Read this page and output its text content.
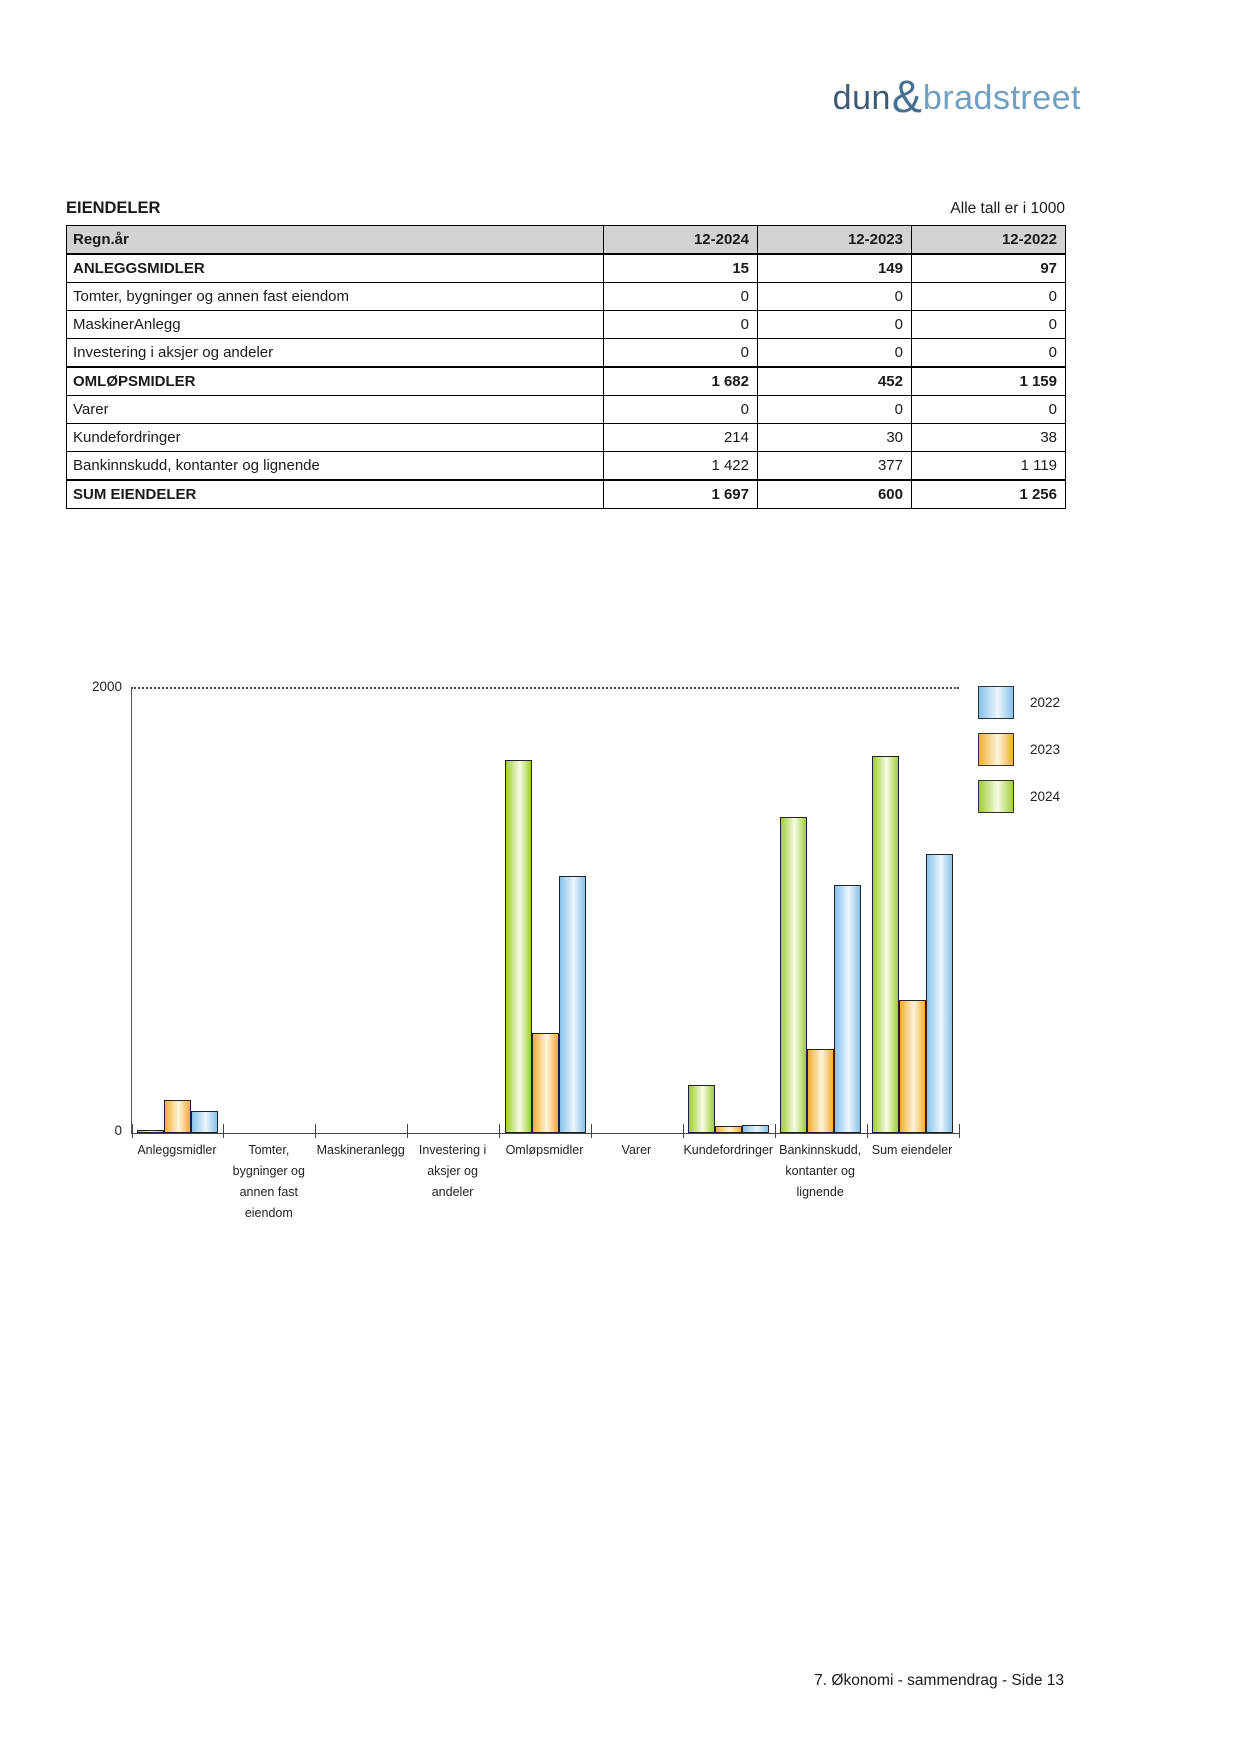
dun & bradstreet
EIENDELER	Alle tall er i 1000
Regn.år	12-2024	12-2023	12-2022
ANLEGGSMIDLER	15	149	97
Tomter, bygninger og annen fast eiendom	0	0	0
MaskinerAnlegg	0	0	0
Investering i aksjer og andeler	0	0	0
OMLØPSMIDLER	1 682	452	1 159
Varer	0	0	0
Kundefordringer	214	30	38
Bankinnskudd, kontanter og lignende	1 422	377	1 119
SUM EIENDELER	1 697	600	1 256
2000
0
Anleggsmidler	Tomter,
bygninger og
annen fast
eiendom
Maskineranlegg	Investering i
aksjer og
andeler
Omløpsmidler	Varer	Kundefordringer Bankinnskudd,
kontanter og
lignende
Sum eiendeler
2022
2023
2024
7. Økonomi - sammendrag - Side 13
